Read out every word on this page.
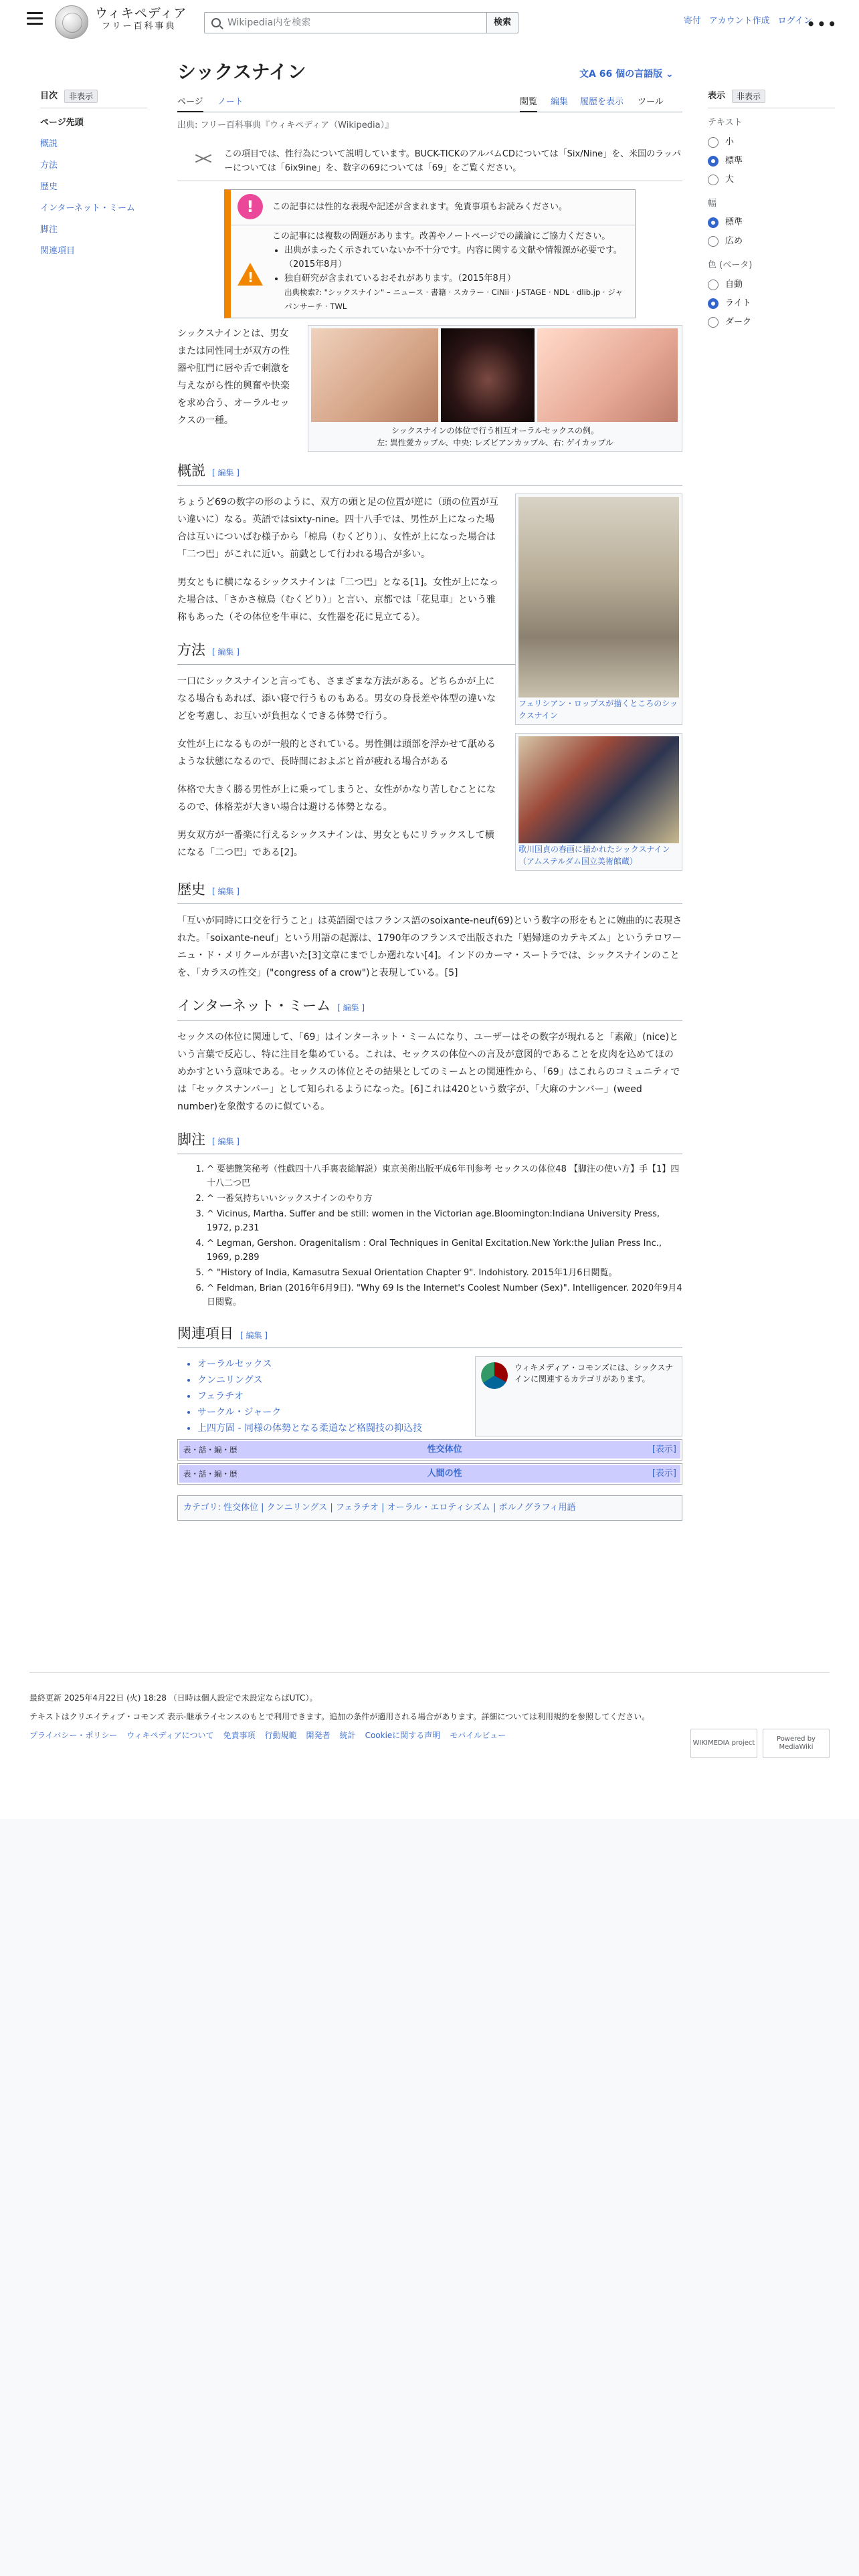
ウィキペディア
フリー百科事典	Wikipedia内を検索	検索	寄付 アカウント作成 ログイン
• • •
目次	非表示
ページ先頭
概説
方法
歴史
インターネット・ミーム
脚注
関連項目
シックスナイン	文A 66 個の言語版 ⌄
ページ ノート	閲覧 編集 履歴を表示 ツール
出典: フリー百科事典『ウィキペディア（Wikipedia）』
この項目では、性行為について説明しています。BUCK-TICKのアルバムCDについては「Six/Nine」を、米国のラッパーについては「6ix9ine」を、数字の69については「69」をご覧ください。
!	この記事には性的な表現や記述が含まれます。免責事項もお読みください。
!
この記事には複数の問題があります。改善やノートページでの議論にご協力ください。
• 出典がまったく示されていないか不十分です。内容に関する文献や情報源が必要です。（2015年8月）
• 独自研究が含まれているおそれがあります。（2015年8月）
出典検索?: "シックスナイン" – ニュース · 書籍 · スカラー · CiNii · J-STAGE · NDL · dlib.jp · ジャパンサーチ · TWL
シックスナインの体位で行う相互オーラルセックスの例。
左: 異性愛カップル、中央: レズビアンカップル、右: ゲイカップル

シックスナインとは、男女または同性同士が双方の性器や肛門に唇や舌で刺激を与えながら性的興奮や快楽を求め合う、オーラルセックスの一種。

概説 [ 編集 ]
フェリシアン・ロップスが描くところのシックスナイン

ちょうど69の数字の形のように、双方の頭と足の位置が逆に（頭の位置が互い違いに）なる。英語ではsixty-nine。四十八手では、男性が上になった場合は互いについばむ様子から「椋鳥（むくどり）」、女性が上になった場合は「二つ巴」がこれに近い。前戯として行われる場合が多い。

男女ともに横になるシックスナインは「二つ巴」となる[1]。女性が上になった場合は、「さかさ椋鳥（むくどり）」と言い、京都では「花見車」という雅称もあった（その体位を牛車に、女性器を花に見立てる）。

方法 [ 編集 ]
歌川国貞の春画に描かれたシックスナイン（アムステルダム国立美術館蔵）

一口にシックスナインと言っても、さまざまな方法がある。どちらかが上になる場合もあれば、添い寝で行うものもある。男女の身長差や体型の違いなどを考慮し、お互いが負担なくできる体勢で行う。

女性が上になるものが一般的とされている。男性側は頭部を浮かせて舐めるような状態になるので、長時間におよぶと首が疲れる場合がある

体格で大きく勝る男性が上に乗ってしまうと、女性がかなり苦しむことになるので、体格差が大きい場合は避ける体勢となる。

男女双方が一番楽に行えるシックスナインは、男女ともにリラックスして横になる「二つ巴」である[2]。

歴史 [ 編集 ]

「互いが同時に口交を行うこと」は英語圏ではフランス語のsoixante-neuf(69)という数字の形をもとに婉曲的に表現された。「soixante-neuf」という用語の起源は、1790年のフランスで出版された「娼婦達のカテキズム」というテロワーニュ・ド・メリクールが書いた[3]文章にまでしか遡れない[4]。インドのカーマ・スートラでは、シックスナインのことを、「カラスの性交」("congress of a crow")と表現している。[5]

インターネット・ミーム [ 編集 ]

セックスの体位に関連して、「69」はインターネット・ミームになり、ユーザーはその数字が現れると「素敵」(nice)という言葉で反応し、特に注目を集めている。これは、セックスの体位への言及が意図的であることを皮肉を込めてほのめかすという意味である。セックスの体位とその結果としてのミームとの関連性から、「69」はこれらのコミュニティでは「セックスナンバー」として知られるようになった。[6]これは420という数字が、「大麻のナンバー」(weed number)を象徴するのに似ている。

脚注 [ 編集 ]
1. ^ 要徳艶笑秘考（性戯四十八手裏表総解説）東京美術出版平成6年刊参考 セックスの体位48 【脚注の使い方】手【1】四十八二つ巴
2. ^ 一番気持ちいいシックスナインのやり方
3. ^ Vicinus, Martha. Suffer and be still: women in the Victorian age.Bloomington:Indiana University Press, 1972, p.231
4. ^ Legman, Gershon. Oragenitalism : Oral Techniques in Genital Excitation.New York:the Julian Press Inc., 1969, p.289
5. ^ "History of India, Kamasutra Sexual Orientation Chapter 9". Indohistory. 2015年1月6日閲覧。
6. ^ Feldman, Brian (2016年6月9日). "Why 69 Is the Internet's Coolest Number (Sex)". Intelligencer. 2020年9月4日閲覧。
関連項目 [ 編集 ]
• オーラルセックス
• クンニリングス
• フェラチオ
• サークル・ジャーク
• 上四方固 - 同様の体勢となる柔道など格闘技の抑込技
ウィキメディア・コモンズには、シックスナインに関連するカテゴリがあります。
表・話・編・歴	性交体位	[表示]
表・話・編・歴	人間の性	[表示]
カテゴリ: 性交体位 | クンニリングス | フェラチオ | オーラル・エロティシズム | ポルノグラフィ用語
表示	非表示
テキスト
小
標準
大
幅
標準
広め
色 (ベータ)
自動
ライト
ダーク
最終更新 2025年4月22日 (火) 18:28 （日時は個人設定で未設定ならばUTC）。
テキストはクリエイティブ・コモンズ 表示-継承ライセンスのもとで利用できます。追加の条件が適用される場合があります。詳細については利用規約を参照してください。
プライバシー・ポリシー ウィキペディアについて 免責事項 行動規範 開発者 統計 Cookieに関する声明 モバイルビュー
WIKIMEDIA project
Powered by MediaWiki
